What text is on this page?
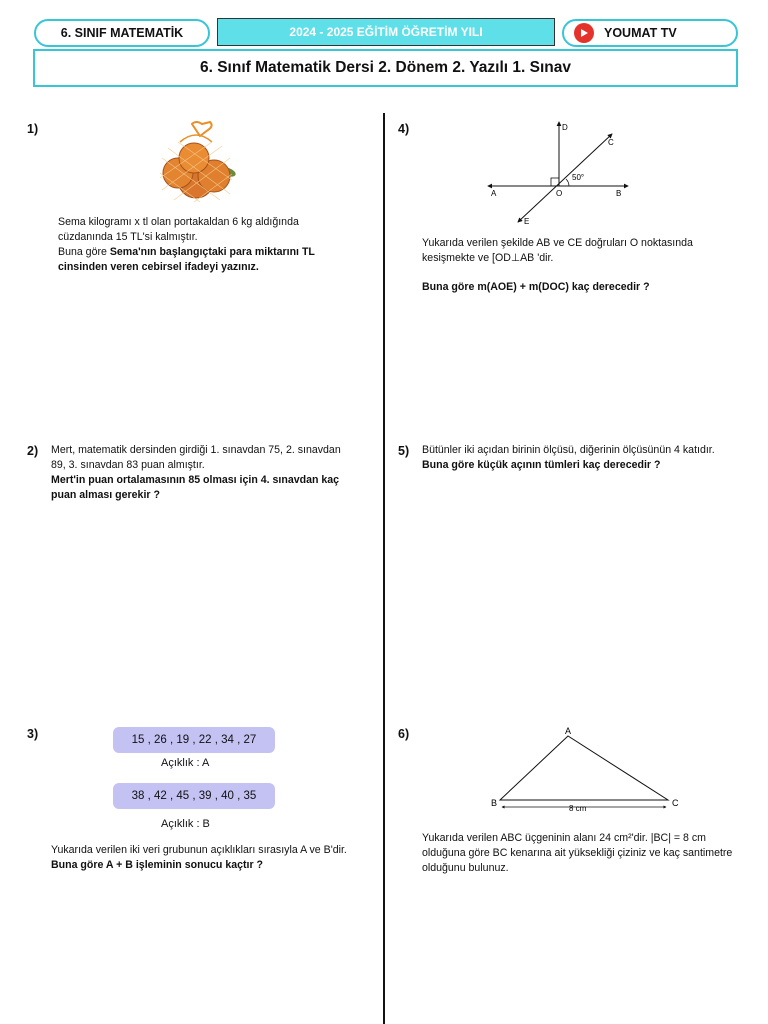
6. SINIF MATEMATİK	2024 - 2025 EĞİTİM ÖĞRETİM YILI	YOUMAT TV
6. Sınıf Matematik Dersi 2. Dönem 2. Yazılı 1. Sınav
1)
Sema kilogramı x tl olan portakaldan 6 kg aldığında
cüzdanında 15 TL'si kalmıştır.
Buna göre Sema'nın başlangıçtaki para miktarını TL
cinsinden veren cebirsel ifadeyi yazınız.
2) Mert, matematik dersinden girdiği 1. sınavdan 75, 2. sınavdan
89, 3. sınavdan 83 puan almıştır.
Mert'in puan ortalamasının 85 olması için 4. sınavdan kaç
puan alması gerekir ?
3)	15 , 26 , 19 , 22 , 34 , 27
Açıklık : A
38 , 42 , 45 , 39 , 40 , 35
Açıklık : B
Yukarıda verilen iki veri grubunun açıklıkları sırasıyla A ve B'dir.
Buna göre A + B işleminin sonucu kaçtır ?
4)	D
C
50°
A	O	B
E
Yukarıda verilen şekilde AB ve CE doğruları O noktasında
kesişmekte ve [OD⊥AB 'dir.
Buna göre m(AOE) + m(DOC) kaç derecedir ?
5) Bütünler iki açıdan birinin ölçüsü, diğerinin ölçüsünün 4 katıdır.
Buna göre küçük açının tümleri kaç derecedir ?
6)	A
B	C
8 cm
Yukarıda verilen ABC üçgeninin alanı 24 cm²'dir. |BC| = 8 cm
olduğuna göre BC kenarına ait yüksekliği çiziniz ve kaç santimetre
olduğunu bulunuz.
